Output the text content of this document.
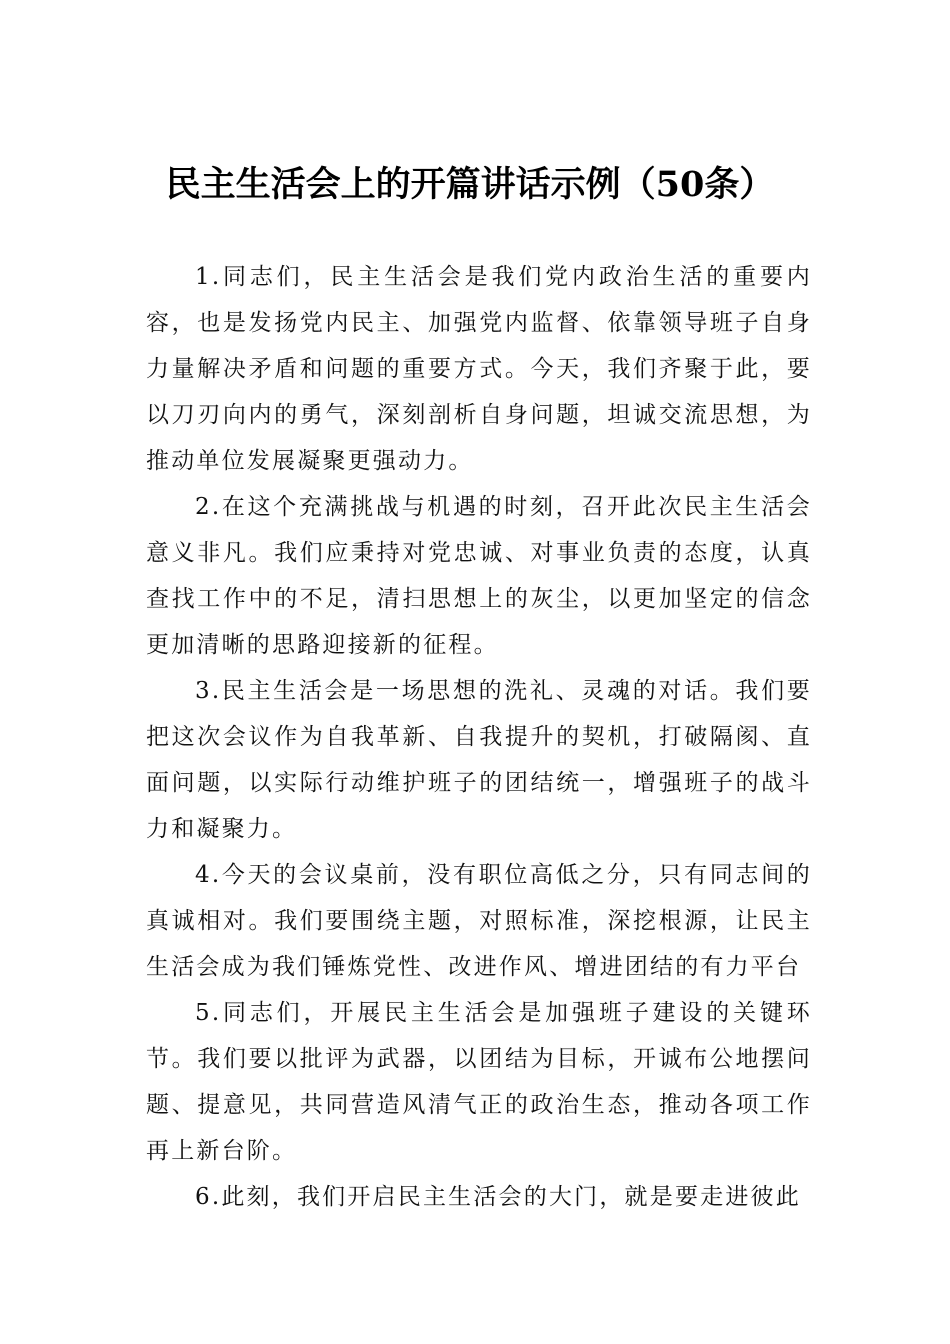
民主生活会上的开篇讲话示例（50条）

1.同志们，民主生活会是我们党内政治生活的重要内容，也是发扬党内民主、加强党内监督、依靠领导班子自身力量解决矛盾和问题的重要方式。今天，我们齐聚于此，要以刀刃向内的勇气，深刻剖析自身问题，坦诚交流思想，为推动单位发展凝聚更强动力。

2.在这个充满挑战与机遇的时刻，召开此次民主生活会意义非凡。我们应秉持对党忠诚、对事业负责的态度，认真查找工作中的不足，清扫思想上的灰尘，以更加坚定的信念更加清晰的思路迎接新的征程。

3.民主生活会是一场思想的洗礼、灵魂的对话。我们要把这次会议作为自我革新、自我提升的契机，打破隔阂、直面问题，以实际行动维护班子的团结统一，增强班子的战斗力和凝聚力。

4.今天的会议桌前，没有职位高低之分，只有同志间的真诚相对。我们要围绕主题，对照标准，深挖根源，让民主生活会成为我们锤炼党性、改进作风、增进团结的有力平台

5.同志们，开展民主生活会是加强班子建设的关键环节。我们要以批评为武器，以团结为目标，开诚布公地摆问题、提意见，共同营造风清气正的政治生态，推动各项工作再上新台阶。

6.此刻，我们开启民主生活会的大门，就是要走进彼此
